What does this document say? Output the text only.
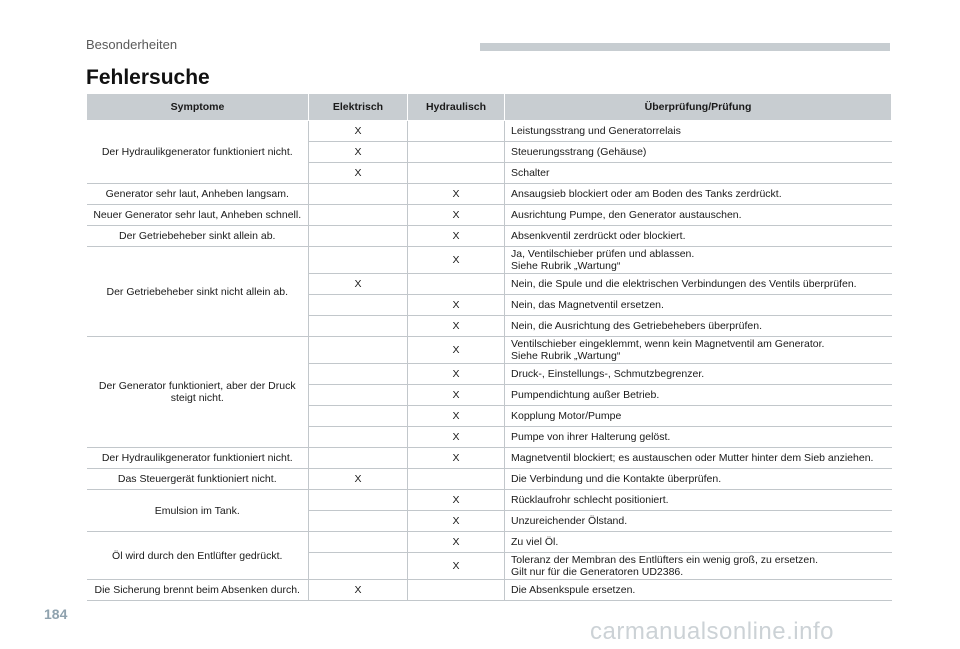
Besonderheiten
Fehlersuche
Symptome	Elektrisch	Hydraulisch	Überprüfung/Prüfung
Der Hydraulikgenerator funktioniert nicht.	X		Leistungsstrang und Generatorrelais

	X		Steuerungsstrang (Gehäuse)

	X		Schalter

Generator sehr laut, Anheben langsam.		X	Ansaugsieb blockiert oder am Boden des Tanks zerdrückt.

Neuer Generator sehr laut, Anheben schnell.		X	Ausrichtung Pumpe, den Generator austauschen.

Der Getriebeheber sinkt allein ab.		X	Absenkventil zerdrückt oder blockiert.

Der Getriebeheber sinkt nicht allein ab.		X	Ja, Ventilschieber prüfen und ablassen.
Siehe Rubrik „Wartung“

	X		Nein, die Spule und die elektrischen Verbindungen des Ventils überprüfen.

		X	Nein, das Magnetventil ersetzen.

		X	Nein, die Ausrichtung des Getriebehebers überprüfen.

Der Generator funktioniert, aber der Druck steigt nicht.		X	Ventilschieber eingeklemmt, wenn kein Magnetventil am Generator.
Siehe Rubrik „Wartung“

		X	Druck-, Einstellungs-, Schmutzbegrenzer.

		X	Pumpendichtung außer Betrieb.

		X	Kopplung Motor/Pumpe

		X	Pumpe von ihrer Halterung gelöst.

Der Hydraulikgenerator funktioniert nicht.		X	Magnetventil blockiert; es austauschen oder Mutter hinter dem Sieb anziehen.

Das Steuergerät funktioniert nicht.	X		Die Verbindung und die Kontakte überprüfen.

Emulsion im Tank.		X	Rücklaufrohr schlecht positioniert.

		X	Unzureichender Ölstand.

Öl wird durch den Entlüfter gedrückt.		X	Zu viel Öl.

		X	Toleranz der Membran des Entlüfters ein wenig groß, zu ersetzen.
Gilt nur für die Generatoren UD2386.

Die Sicherung brennt beim Absenken durch.	X		Die Absenkspule ersetzen.
184
carmanualsonline.info
